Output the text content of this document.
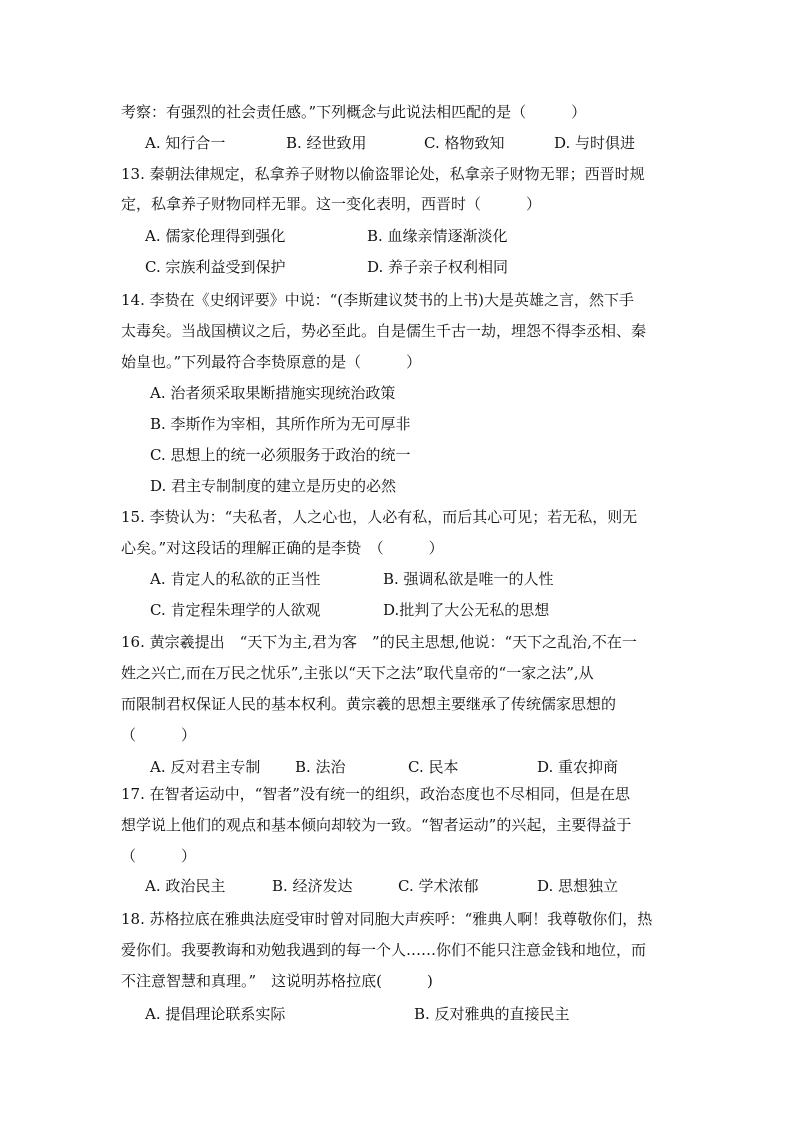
考察：有强烈的社会责任感。”下列概念与此说法相匹配的是（　　　）
A. 知行合一	B. 经世致用	C. 格物致知	D. 与时俱进
13. 秦朝法律规定，私拿养子财物以偷盗罪论处，私拿亲子财物无罪；西晋时规
定，私拿养子财物同样无罪。这一变化表明，西晋时（　　　）
A. 儒家伦理得到强化	B. 血缘亲情逐渐淡化
C. 宗族利益受到保护	D. 养子亲子权利相同
14. 李贽在《史纲评要》中说：“(李斯建议焚书的上书)大是英雄之言，然下手
太毒矣。当战国横议之后，势必至此。自是儒生千古一劫，埋怨不得李丞相、秦
始皇也。”下列最符合李贽原意的是（　　　）
A. 治者须采取果断措施实现统治政策
B. 李斯作为宰相，其所作所为无可厚非
C. 思想上的统一必须服务于政治的统一
D. 君主专制制度的建立是历史的必然
15. 李贽认为：“夫私者，人之心也，人必有私，而后其心可见；若无私，则无
心矣。”对这段话的理解正确的是李贽　（　　　）
A. 肯定人的私欲的正当性	B. 强调私欲是唯一的人性
C. 肯定程朱理学的人欲观	D.批判了大公无私的思想
16. 黄宗羲提出　“天下为主,君为客　”的民主思想,他说：“天下之乱治,不在一
姓之兴亡,而在万民之忧乐”,主张以“天下之法”取代皇帝的“一家之法”,从
而限制君权保证人民的基本权利。黄宗羲的思想主要继承了传统儒家思想的
（　　　）
A. 反对君主专制 B. 法治	C. 民本	D. 重农抑商
17. 在智者运动中，“智者”没有统一的组织，政治态度也不尽相同，但是在思
想学说上他们的观点和基本倾向却较为一致。“智者运动”的兴起，主要得益于
（　　　）
A. 政治民主	B. 经济发达	C. 学术浓郁	D. 思想独立
18. 苏格拉底在雅典法庭受审时曾对同胞大声疾呼：“雅典人啊！我尊敬你们，热
爱你们。我要教诲和劝勉我遇到的每一个人……你们不能只注意金钱和地位，而
不注意智慧和真理。”　这说明苏格拉底(　　　)
A. 提倡理论联系实际	B. 反对雅典的直接民主
